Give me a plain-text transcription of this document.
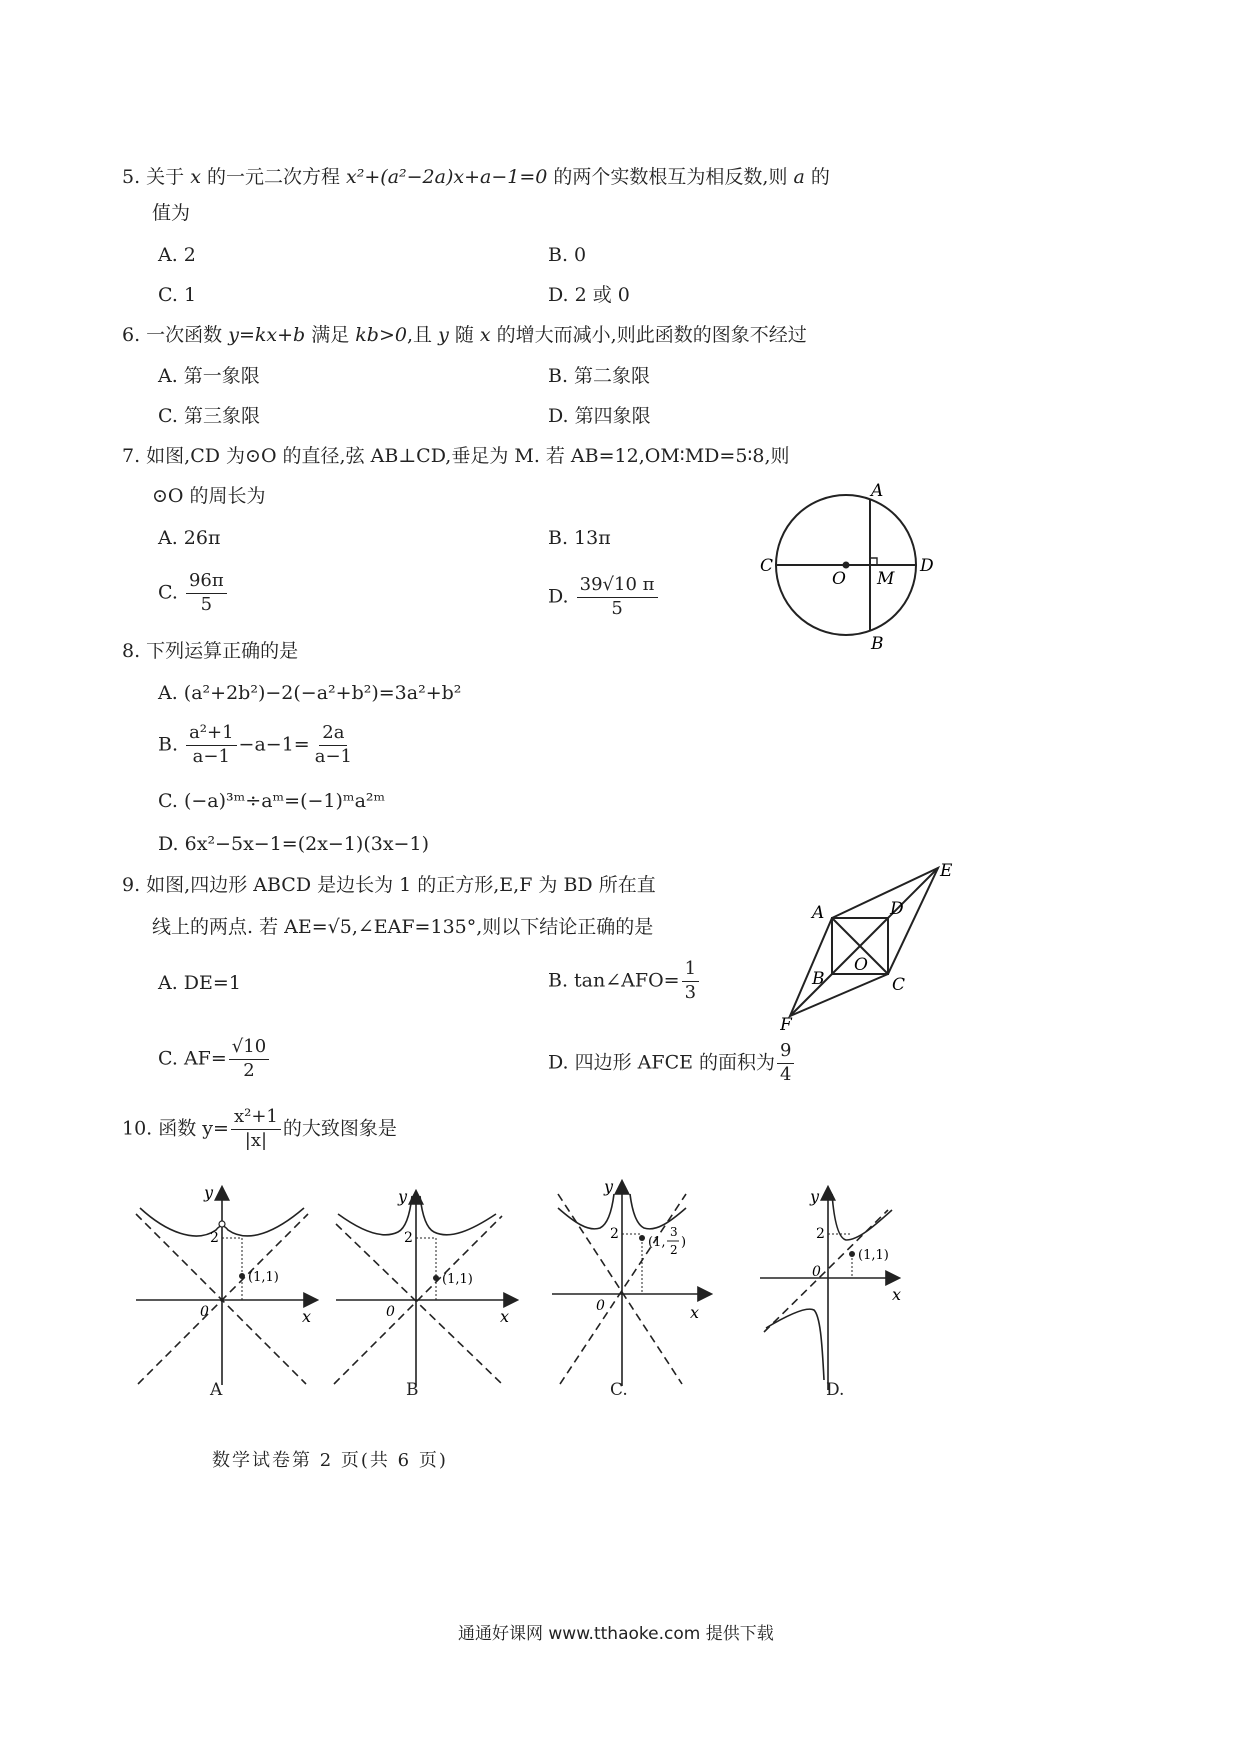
5. 关于 x 的一元二次方程 x²+(a²−2a)x+a−1=0 的两个实数根互为相反数,则 a 的
值为
A. 2	B. 0
C. 1	D. 2 或 0
6. 一次函数 y=kx+b 满足 kb>0,且 y 随 x 的增大而减小,则此函数的图象不经过
A. 第一象限	B. 第二象限
C. 第三象限	D. 第四象限
7. 如图,CD 为⊙O 的直径,弦 AB⊥CD,垂足为 M. 若 AB=12,OM∶MD=5∶8,则
⊙O 的周长为
A. 26π	B. 13π
C. $\frac{96\pi}{5}$	D. $\frac{39√10 \pi}{5}$
A
B
C	D
O M
8. 下列运算正确的是
A. (a²+2b²)−2(−a²+b²)=3a²+b²
B. $\frac{\text{a²+1}}{a-1} -a-1= \frac{2a}{a-1}$
C. (−a)³ᵐ÷aᵐ=(−1)ᵐa²ᵐ
D. 6x²−5x−1=(2x−1)(3x−1)
9. 如图,四边形 ABCD 是边长为 1 的正方形,E,F 为 BD 所在直
线上的两点. 若 AE=√5,∠EAF=135°,则以下结论正确的是
A. DE=1	B. tan∠AFO= $\frac{1}{3}$
C. $AF= \frac{√10}{2}$	D. 四边形 AFCE 的面积为 $\frac{9}{4}$
A	D
E
B	C
F
O
10. 函数 $y= \frac{\text{x²+1}}{|x|}$ 的大致图象是
2
(1,1)
0
y
x
A
2
(1,1)
0
y
x
B
2
(1,
3
2 )
0
y
x
C.
2
(1,1)
0
y
x
D.
数学试卷第 2 页(共 6 页)
通通好课网 www.tthaoke.com 提供下载
